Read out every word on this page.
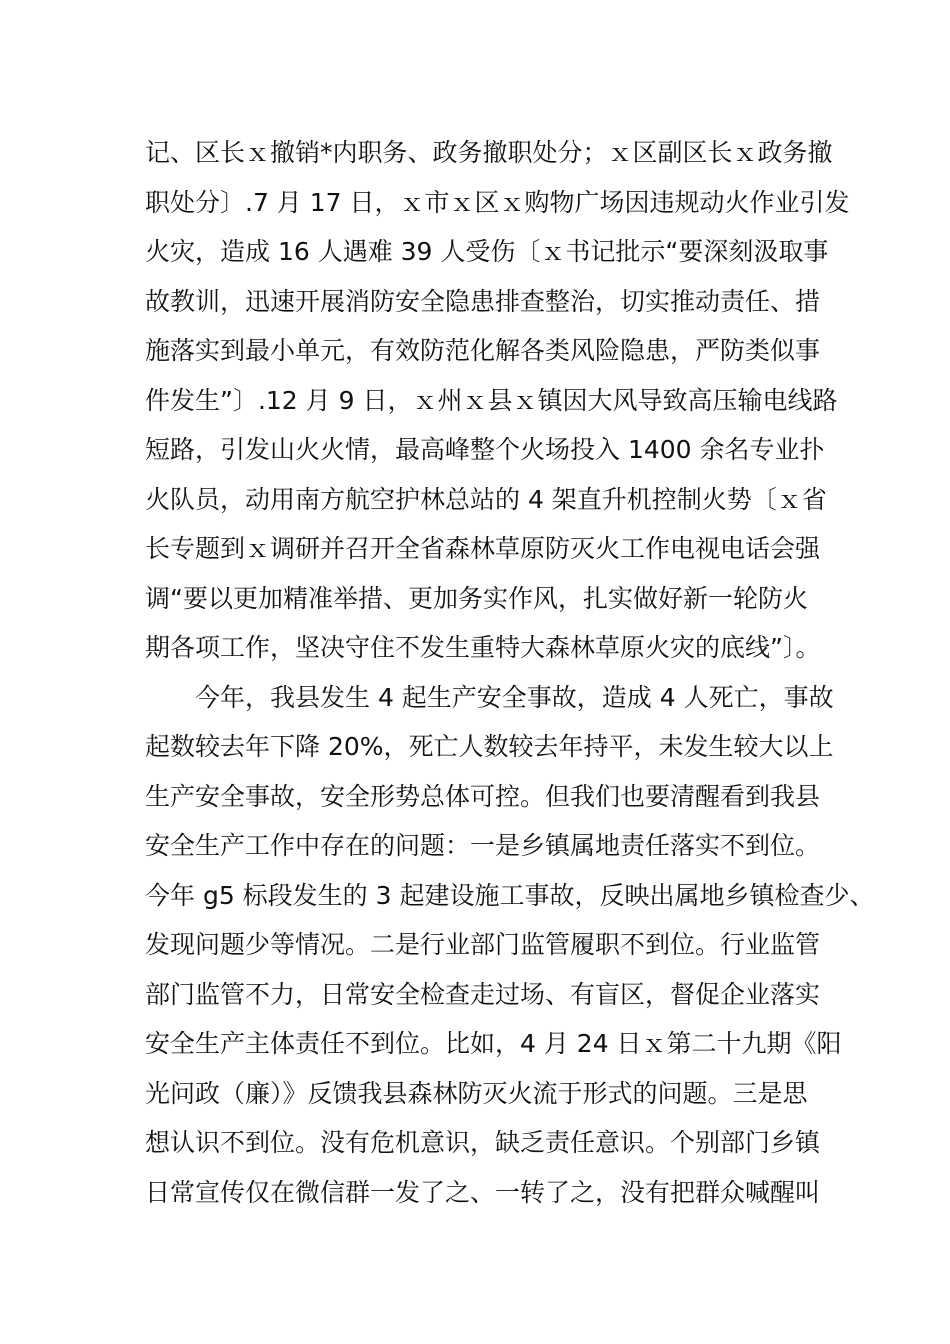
记、区长ｘ撤销*内职务、政务撤职处分；ｘ区副区长ｘ政务撤
职处分〕.7 月 17 日，ｘ市ｘ区ｘ购物广场因违规动火作业引发
火灾，造成 16 人遇难 39 人受伤〔ｘ书记批示“要深刻汲取事
故教训，迅速开展消防安全隐患排查整治，切实推动责任、措
施落实到最小单元，有效防范化解各类风险隐患，严防类似事
件发生”〕.12 月 9 日，ｘ州ｘ县ｘ镇因大风导致高压输电线路
短路，引发山火火情，最高峰整个火场投入 1400 余名专业扑
火队员，动用南方航空护林总站的 4 架直升机控制火势〔ｘ省
长专题到ｘ调研并召开全省森林草原防灭火工作电视电话会强
调“要以更加精准举措、更加务实作风，扎实做好新一轮防火
期各项工作，坚决守住不发生重特大森林草原火灾的底线”〕。
　　今年，我县发生 4 起生产安全事故，造成 4 人死亡，事故
起数较去年下降 20%，死亡人数较去年持平，未发生较大以上
生产安全事故，安全形势总体可控。但我们也要清醒看到我县
安全生产工作中存在的问题：一是乡镇属地责任落实不到位。
今年 g5 标段发生的 3 起建设施工事故，反映出属地乡镇检查少、
发现问题少等情况。二是行业部门监管履职不到位。行业监管
部门监管不力，日常安全检查走过场、有盲区，督促企业落实
安全生产主体责任不到位。比如，4 月 24 日ｘ第二十九期《阳
光问政（廉）》反馈我县森林防灭火流于形式的问题。三是思
想认识不到位。没有危机意识，缺乏责任意识。个别部门乡镇
日常宣传仅在微信群一发了之、一转了之，没有把群众喊醒叫
